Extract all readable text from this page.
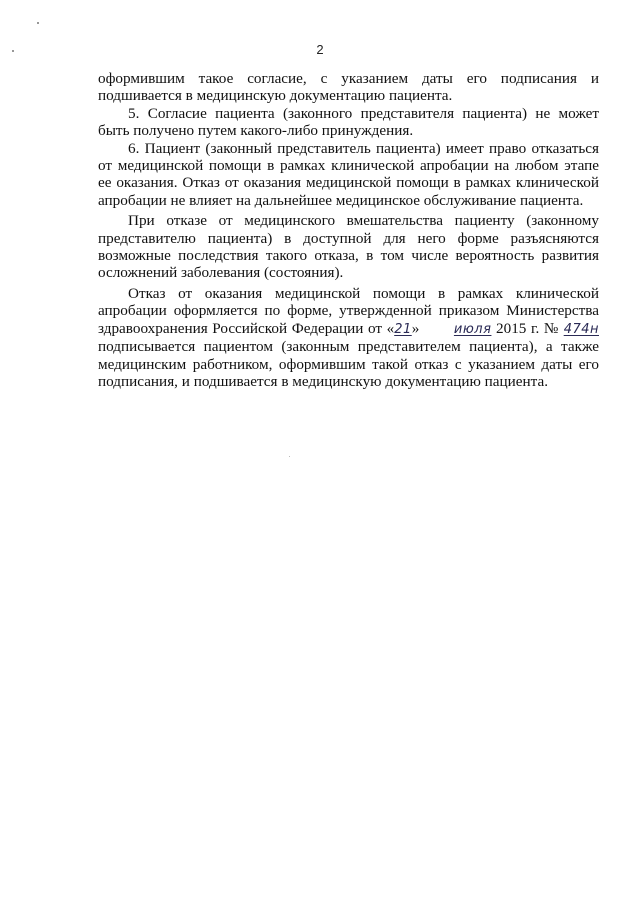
2

оформившим такое согласие, с указанием даты его подписания и подшивается в медицинскую документацию пациента.

5. Согласие пациента (законного представителя пациента) не может быть получено путем какого-либо принуждения.

6. Пациент (законный представитель пациента) имеет право отказаться от медицинской помощи в рамках клинической апробации на любом этапе ее оказания. Отказ от оказания медицинской помощи в рамках клинической апробации не влияет на дальнейшее медицинское обслуживание пациента.

При отказе от медицинского вмешательства пациенту (законному представителю пациента) в доступной для него форме разъясняются возможные последствия такого отказа, в том числе вероятность развития осложнений заболевания (состояния).

Отказ от оказания медицинской помощи в рамках клинической апробации оформляется по форме, утвержденной приказом Министерства здравоохранения Российской Федерации от «21» июля 2015 г. № 474н подписывается пациентом (законным представителем пациента), а также медицинским работником, оформившим такой отказ с указанием даты его подписания, и подшивается в медицинскую документацию пациента.
